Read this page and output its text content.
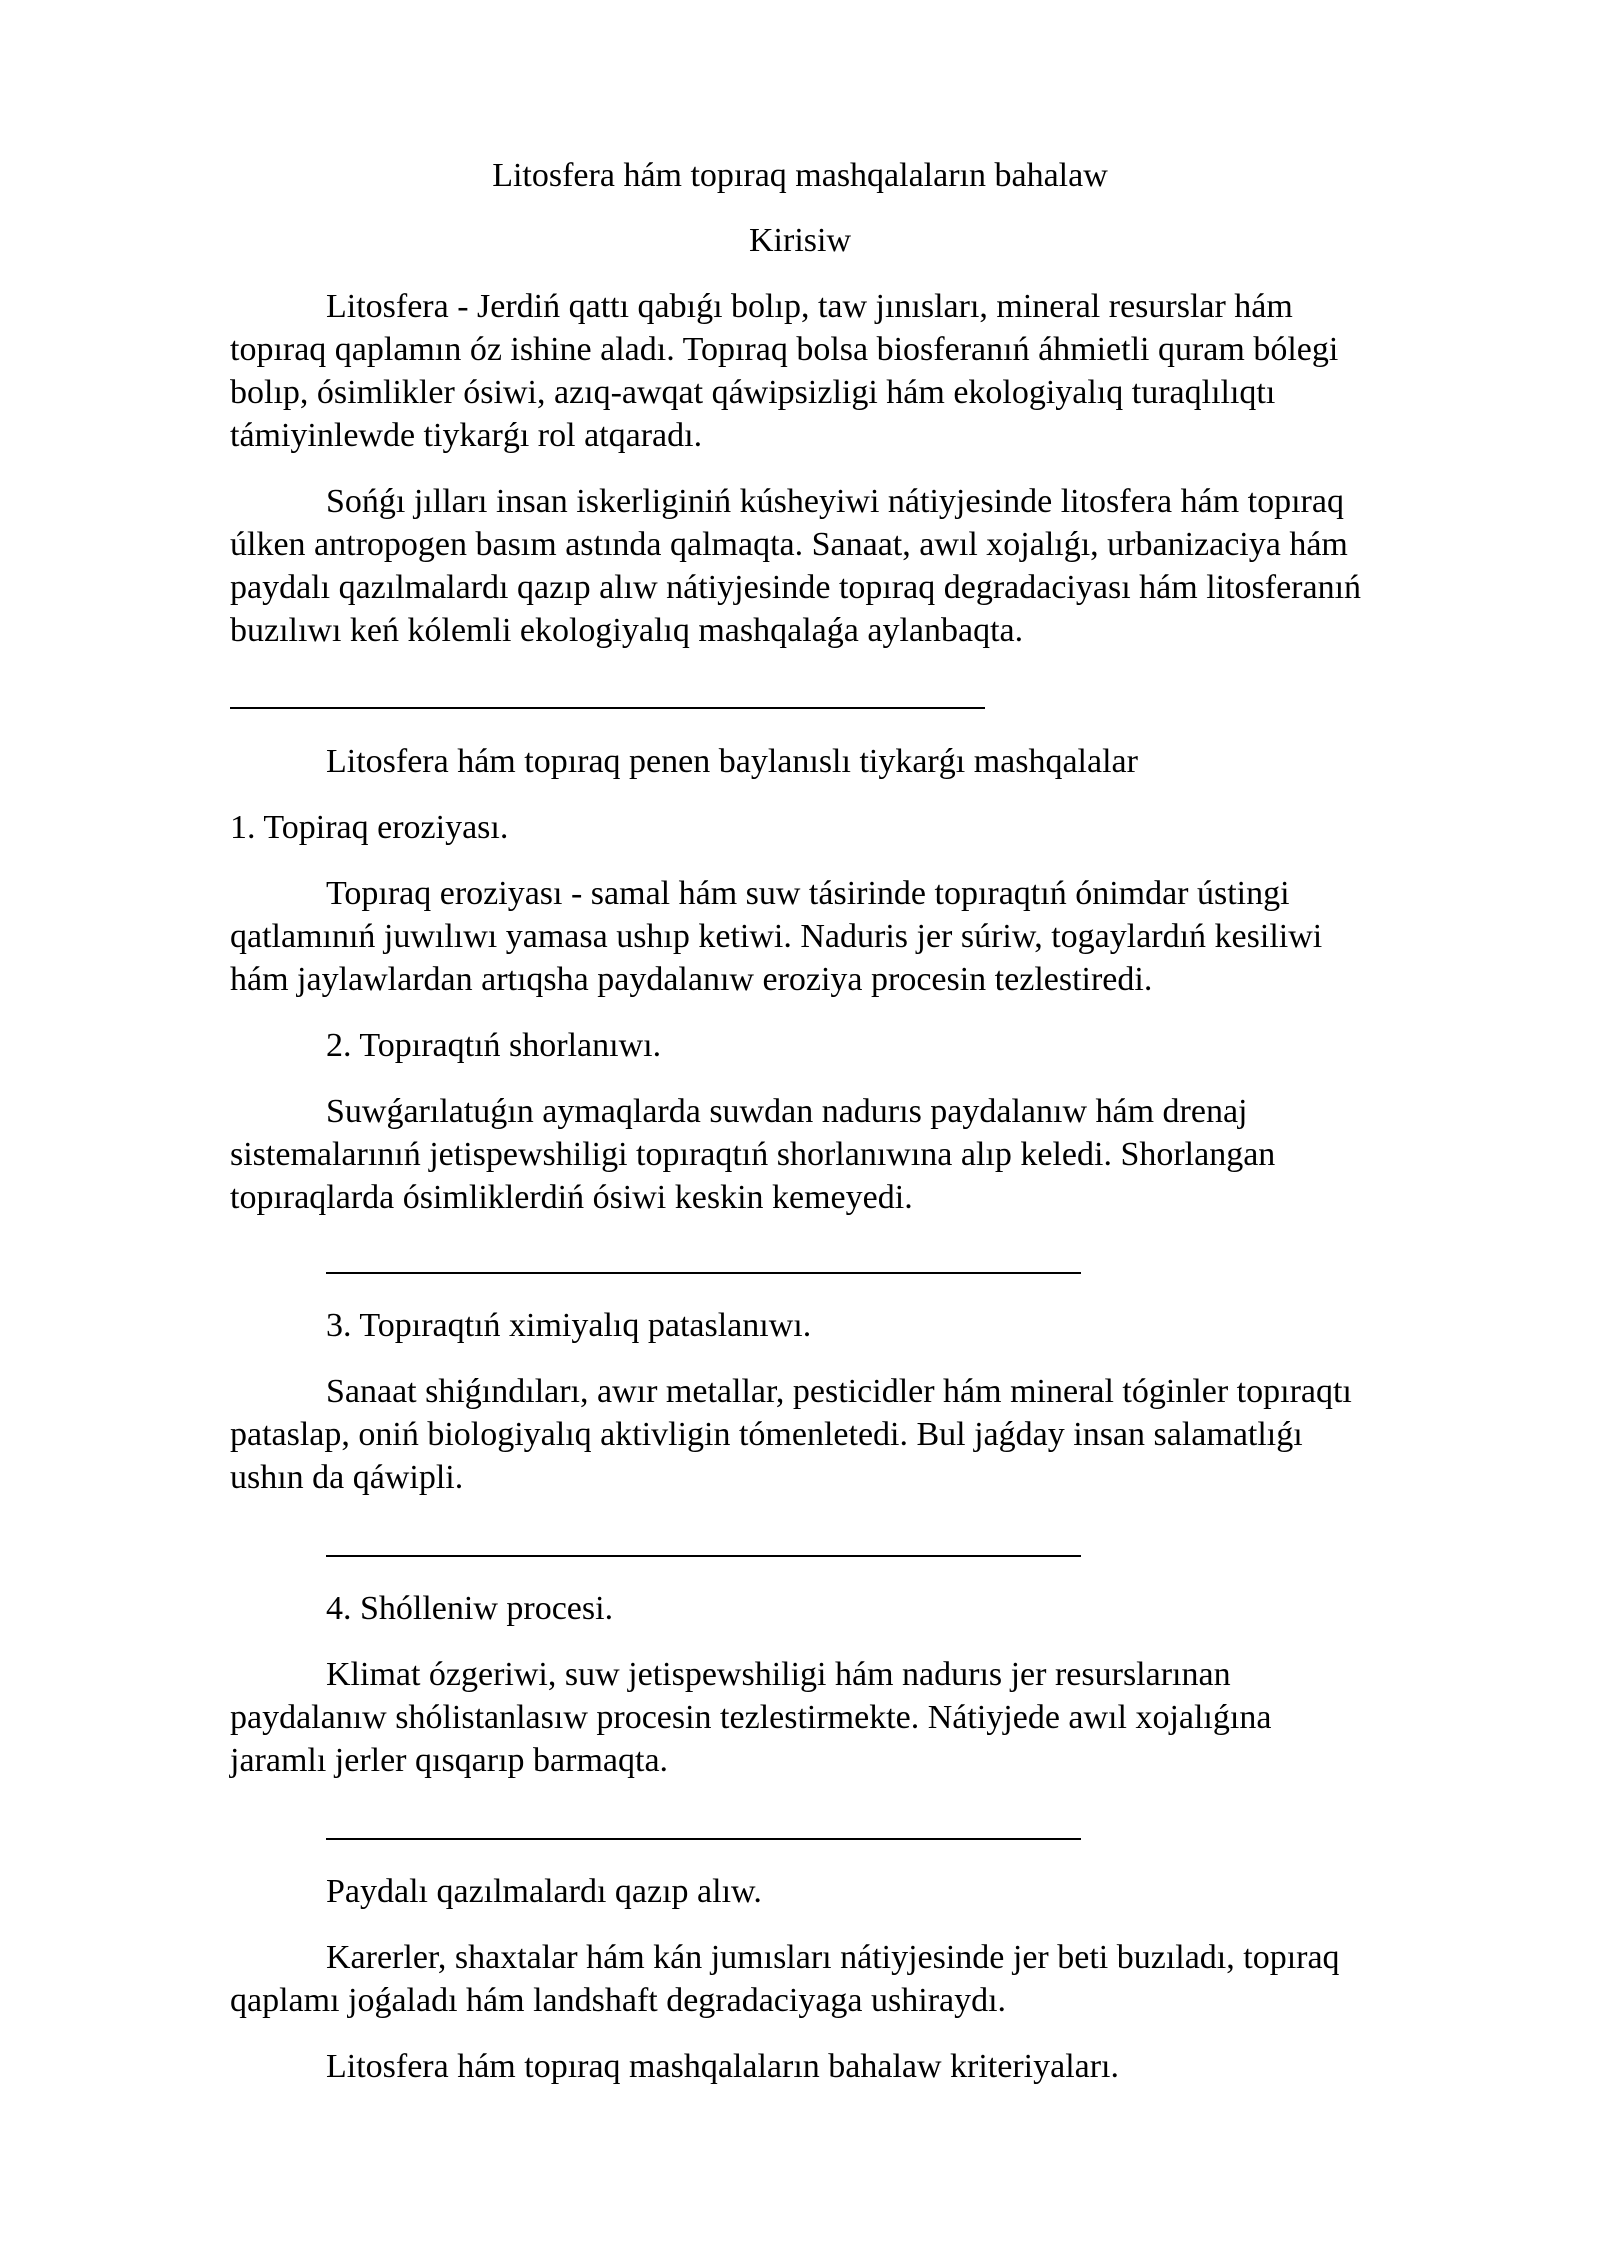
Litosfera hám topıraq mashqalaların bahalaw
Kirisiw
Litosfera - Jerdiń qattı qabıǵı bolıp, taw jınısları, mineral resurslar hám
topıraq qaplamın óz ishine aladı. Topıraq bolsa biosferanıń áhmietli quram bólegi
bolıp, ósimlikler ósiwi, azıq-awqat qáwipsizligi hám ekologiyalıq turaqlılıqtı
támiyinlewde tiykarǵı rol atqaradı.
Sońǵı jılları insan iskerliginiń kúsheyiwi nátiyjesinde litosfera hám topıraq
úlken antropogen basım astında qalmaqta. Sanaat, awıl xojalıǵı, urbanizaciya hám
paydalı qazılmalardı qazıp alıw nátiyjesinde topıraq degradaciyası hám litosferanıń
buzılıwı keń kólemli ekologiyalıq mashqalaǵa aylanbaqta.
Litosfera hám topıraq penen baylanıslı tiykarǵı mashqalalar
1. Topiraq eroziyası.
Topıraq eroziyası - samal hám suw tásirinde topıraqtıń ónimdar ústingi
qatlamınıń juwılıwı yamasa ushıp ketiwi. Naduris jer súriw, togaylardıń kesiliwi
hám jaylawlardan artıqsha paydalanıw eroziya procesin tezlestiredi.
2. Topıraqtıń shorlanıwı.
Suwǵarılatuǵın aymaqlarda suwdan nadurıs paydalanıw hám drenaj
sistemalarınıń jetispewshiligi topıraqtıń shorlanıwına alıp keledi. Shorlangan
topıraqlarda ósimliklerdiń ósiwi keskin kemeyedi.
3. Topıraqtıń ximiyalıq pataslanıwı.
Sanaat shiǵındıları, awır metallar, pesticidler hám mineral tóginler topıraqtı
pataslap, oniń biologiyalıq aktivligin tómenletedi. Bul jaǵday insan salamatlıǵı
ushın da qáwipli.
4. Shólleniw procesi.
Klimat ózgeriwi, suw jetispewshiligi hám nadurıs jer resurslarınan
paydalanıw shólistanlasıw procesin tezlestirmekte. Nátiyjede awıl xojalıǵına
jaramlı jerler qısqarıp barmaqta.
Paydalı qazılmalardı qazıp alıw.
Karerler, shaxtalar hám kán jumısları nátiyjesinde jer beti buzıladı, topıraq
qaplamı joǵaladı hám landshaft degradaciyaga ushiraydı.
Litosfera hám topıraq mashqalaların bahalaw kriteriyaları.
